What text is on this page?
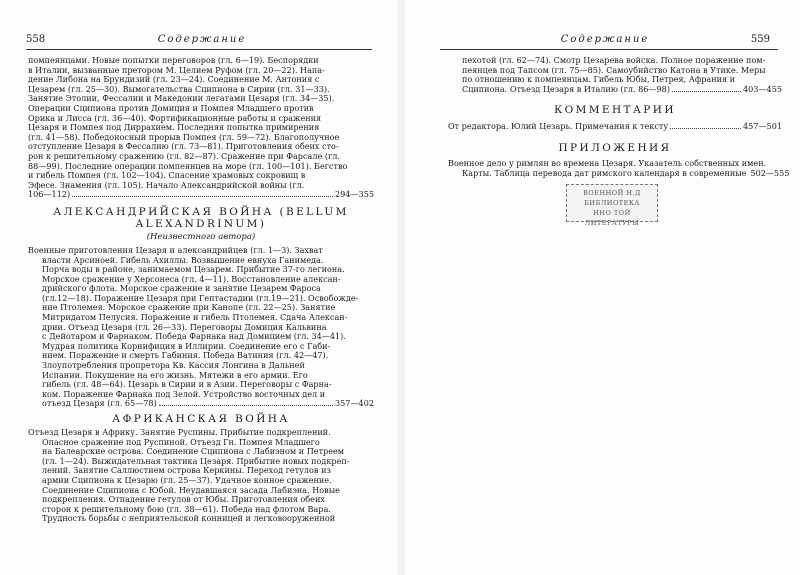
558	Содержание
помпеянцами. Новые попытки переговоров (гл. 6—19). Беспорядки
в Италии, вызванные претором М. Целием Руфом (гл. 20—22). Напа-
дение Либона на Брундизий (гл. 23—24). Соединение М. Антония с
Цезарем (гл. 25—30). Вымогательства Сципиона в Сирии (гл. 31—33).
Занятие Этолии, Фессалии и Македонии легатами Цезаря (гл. 34—35).
Операции Сципиона против Домиция и Помпея Младшего против
Орика и Лисса (гл. 36—40). Фортификационные работы и сражения
Цезаря и Помпея под Диррахием. Последняя попытка примирения
(гл. 41—58). Победоносный прорыв Помпея (гл. 59—72). Благополучное
отступление Цезаря в Фессалию (гл. 73—81). Приготовления обеих сто-
рон к решительному сражению (гл. 82—87). Сражение при Фарсале (гл.
88—99). Последние операции помпеянцев на море (гл. 100—101). Бегство
и гибель Помпея (гл. 102—104). Спасение храмовых сокровищ в
Эфесе. Знамения (гл. 105). Начало Александрийской войны (гл.
106—112)	294—355
АЛЕКСАНДРИЙСКАЯ ВОЙНА (BELLUM ALEXANDRINUM)
(Неизвестного автора)
Военные приготовления Цезаря и александрийцев (гл. 1—3). Захват
власти Арсиноей. Гибель Ахиллы. Возвышение евнуха Ганимеда.
Порча воды в районе, занимаемом Цезарем. Прибытие 37-го легиона.
Морское сражение у Херсонеса (гл. 4—11). Восстановление алексан-
дрийского флота. Морское сражение и занятие Цезарем Фароса
(гл.12—18). Поражение Цезаря при Гептастадии (гл.19—21). Освобожде-
ние Птолемея. Морское сражение при Канопе (гл. 22—25). Занятие
Митридатом Пелусия. Поражение и гибель Птолемея. Сдача Алексан-
дрии. Отъезд Цезаря (гл. 26—33). Переговоры Домиция Кальвина
с Дейотаром и Фарнаком. Победа Фарнака над Домицием (гл. 34—41).
Мудрая политика Корнифиция в Иллирии. Соединение его с Габи-
нием. Поражение и смерть Габиния. Победа Ватиния (гл. 42—47).
Злоупотребления пропретора Кв. Кассия Лонгина в Дальней
Испании. Покушение на его жизнь. Мятежи в его армии. Его
гибель (гл. 48—64). Цезарь в Сирии и в Азии. Переговоры с Фарна-
ком. Поражение Фарнака под Зелой. Устройство восточных дел и
отъезд Цезаря (гл. 65—78)	357—402
АФРИКАНСКАЯ ВОЙНА
Отъезд Цезаря в Африку. Занятие Руспины. Прибытие подкреплений.
Опасное сражение под Руспиной. Отъезд Гн. Помпея Младшего
на Балеарские острова. Соединение Сципиона с Лабиэном и Петреем
(гл. 1—24). Выжидательная тактика Цезаря. Прибытие новых подкреп-
лений. Занятие Саллюстием острова Керкины. Переход гетулов из
армии Сципиона к Цезарю (гл. 25—37). Удачное конное сражение.
Соединение Сципиона с Юбой. Неудавшаяся засада Лабиэна. Новые
подкрепления. Отпадение гетулов от Юбы. Приготовления обеих
сторон к решительному бою (гл. 38—61). Победа над флотом Вара.
Трудность борьбы с неприятельской конницей и легковооруженной
Содержание	559
пехотой (гл. 62—74). Смотр Цезарева войска. Полное поражение пом-
пеянцев под Тапсом (гл. 75—85). Самоубийство Катона в Утике. Меры
по отношению к помпеянцам. Гибель Юбы, Петрея, Афрания и
Сципиона. Отъезд Цезаря в Италию (гл. 86—98)	403—455
КОММЕНТАРИИ
От редактора. Юлий Цезарь. Примечания к тексту	457—501
ПРИЛОЖЕНИЯ
Военное дело у римлян во времена Цезаря. Указатель собственных имен.
Карты. Таблица перевода дат римского календаря в современные 502—555
ВОЕННОЙ Н.Д БИБЛИОТЕКА
ИНО ТОЙ
ЛИТЕРАТУРЫ
